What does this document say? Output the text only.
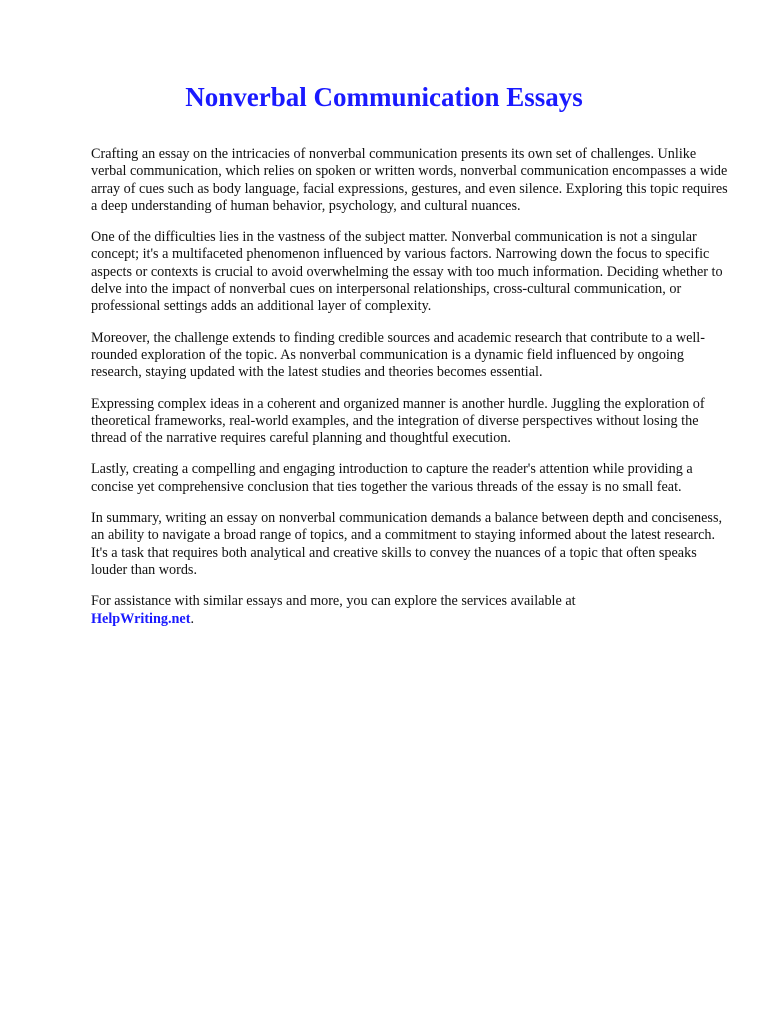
Nonverbal Communication Essays

Crafting an essay on the intricacies of nonverbal communication presents its own set of challenges. Unlike verbal communication, which relies on spoken or written words, nonverbal communication encompasses a wide array of cues such as body language, facial expressions, gestures, and even silence. Exploring this topic requires a deep understanding of human behavior, psychology, and cultural nuances.

One of the difficulties lies in the vastness of the subject matter. Nonverbal communication is not a singular concept; it's a multifaceted phenomenon influenced by various factors. Narrowing down the focus to specific aspects or contexts is crucial to avoid overwhelming the essay with too much information. Deciding whether to delve into the impact of nonverbal cues on interpersonal relationships, cross-cultural communication, or professional settings adds an additional layer of complexity.

Moreover, the challenge extends to finding credible sources and academic research that contribute to a well-rounded exploration of the topic. As nonverbal communication is a dynamic field influenced by ongoing research, staying updated with the latest studies and theories becomes essential.

Expressing complex ideas in a coherent and organized manner is another hurdle. Juggling the exploration of theoretical frameworks, real-world examples, and the integration of diverse perspectives without losing the thread of the narrative requires careful planning and thoughtful execution.

Lastly, creating a compelling and engaging introduction to capture the reader's attention while providing a concise yet comprehensive conclusion that ties together the various threads of the essay is no small feat.

In summary, writing an essay on nonverbal communication demands a balance between depth and conciseness, an ability to navigate a broad range of topics, and a commitment to staying informed about the latest research. It's a task that requires both analytical and creative skills to convey the nuances of a topic that often speaks louder than words.

For assistance with similar essays and more, you can explore the services available at
HelpWriting.net.
